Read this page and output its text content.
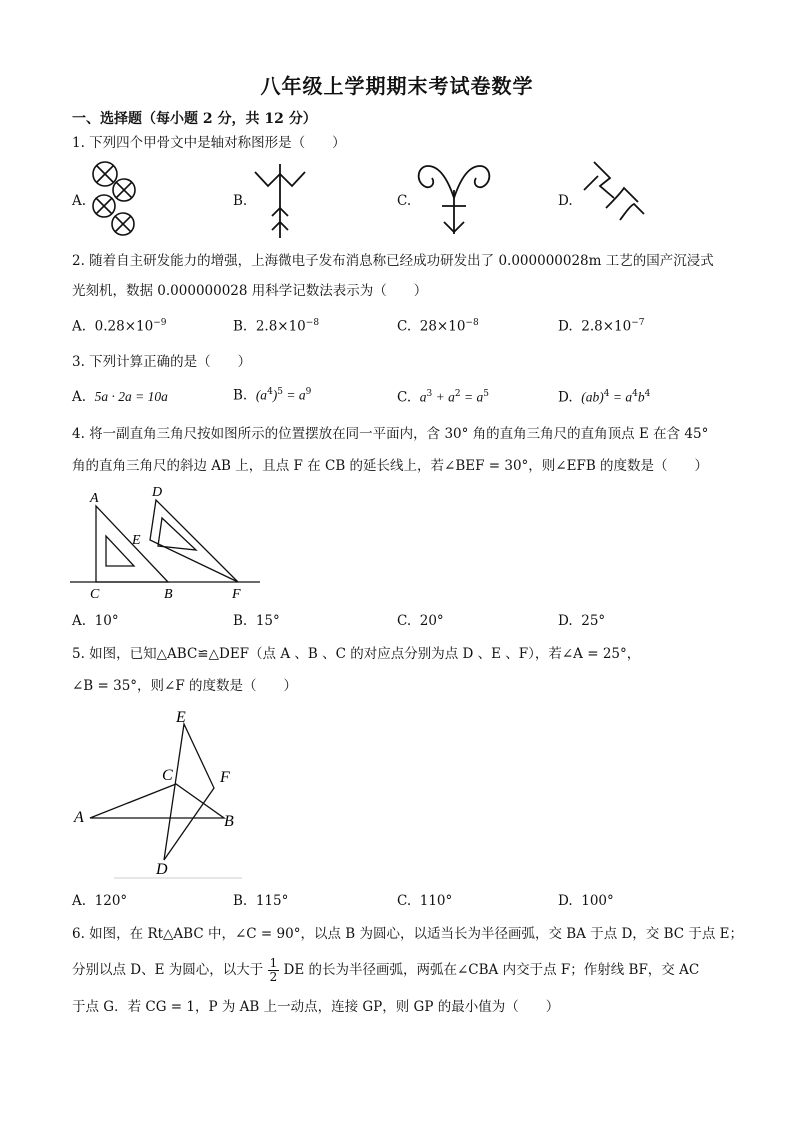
八年级上学期期末考试卷数学
一、选择题（每小题 2 分，共 12 分）
1. 下列四个甲骨文中是轴对称图形是（　　）
A.	B.	C.	D.
2. 随着自主研发能力的增强，上海微电子发布消息称已经成功研发出了 0.000000028m 工艺的国产沉浸式
光刻机，数据 0.000000028 用科学记数法表示为（　　）
A. $0.28\times 10^{-9}$	B. $2.8\times 10^{-8}$	C. $28\times 10^{-8}$	D. $2.8\times 10^{-7}$
3. 下列计算正确的是（　　）
A. 5a · 2a = 10a	B. $(a^4)^5 = a^9$	C. $a^3 + a^2 = a^5$	D. $(ab)^4 = a^4b^4$
4. 将一副直角三角尺按如图所示的位置摆放在同一平面内，含 30° 角的直角三角尺的直角顶点 E 在含 45°
角的直角三角尺的斜边 AB 上，且点 F 在 CB 的延长线上，若∠BEF = 30°，则∠EFB 的度数是（　　）
A	D
E
C	B	F
A. 10°	B. 15°	C. 20°	D. 25°
5. 如图，已知△ABC≌△DEF（点 A 、B 、C 的对应点分别为点 D 、E 、F），若∠A = 25°，
∠B = 35°，则∠F 的度数是（　　）
E
C	F
A	B
D
A. 120°	B. 115°	C. 110°	D. 100°
6. 如图，在 Rt△ABC 中，∠C = 90°，以点 B 为圆心，以适当长为半径画弧，交 BA 于点 D，交 BC 于点 E；
分别以点 D、E 为圆心，以大于 $\frac{1}{2}$ DE 的长为半径画弧，两弧在∠CBA 内交于点 F；作射线 BF，交 AC
于点 G．若 CG = 1，P 为 AB 上一动点，连接 GP，则 GP 的最小值为（　　）
